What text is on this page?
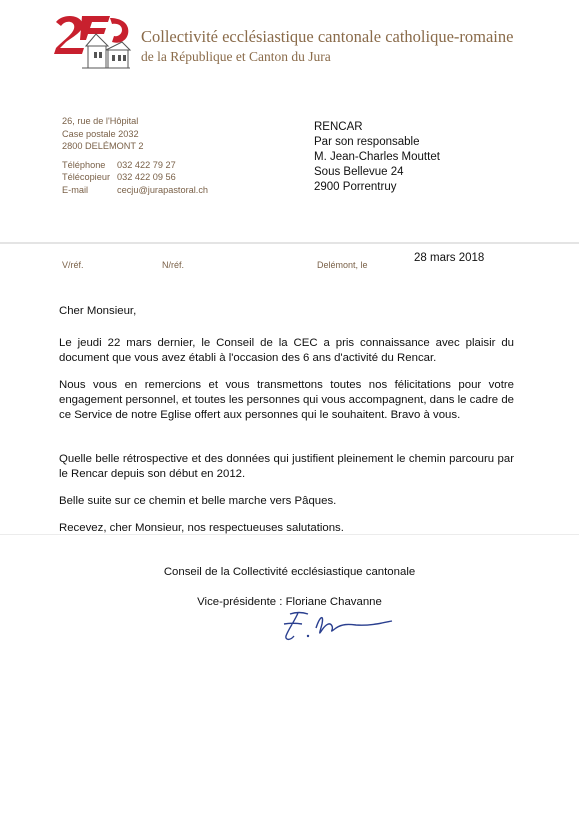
Collectivité ecclésiastique cantonale catholique-romaine
de la République et Canton du Jura
26, rue de l'Hôpital
Case postale 2032
2800 DELÉMONT 2
Téléphone 032 422 79 27
Télécopieur 032 422 09 56
E-mail	cecju@jurapastoral.ch
RENCAR
Par son responsable
M. Jean-Charles Mouttet
Sous Bellevue 24
2900 Porrentruy
V/réf.	N/réf.	Delémont, le
28 mars 2018
Cher Monsieur,

Le jeudi 22 mars dernier, le Conseil de la CEC a pris connaissance avec plaisir du document que vous avez établi à l'occasion des 6 ans d'activité du Rencar.

Nous vous en remercions et vous transmettons toutes nos félicitations pour votre engagement personnel, et toutes les personnes qui vous accompagnent, dans le cadre de ce Service de notre Eglise offert aux personnes qui le souhaitent. Bravo à vous.

Quelle belle rétrospective et des données qui justifient pleinement le chemin parcouru par le Rencar depuis son début en 2012.

Belle suite sur ce chemin et belle marche vers Pâques.

Recevez, cher Monsieur, nos respectueuses salutations.

Conseil de la Collectivité ecclésiastique cantonale
Vice-présidente : Floriane Chavanne
